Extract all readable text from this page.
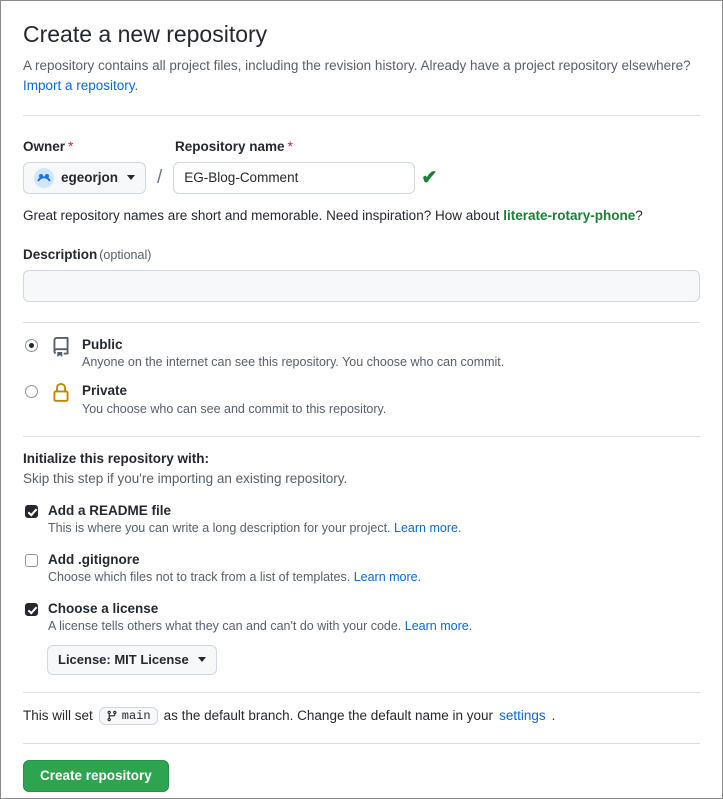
Create a new repository

A repository contains all project files, including the revision history. Already have a project repository elsewhere?
Import a repository.

Owner *	Repository name *
egeorjon /
EG-Blog-Comment	✔
Great repository names are short and memorable. Need inspiration? How about literate-rotary-phone?
Description (optional)
Public
Anyone on the internet can see this repository. You choose who can commit.
Private
You choose who can see and commit to this repository.
Initialize this repository with:
Skip this step if you're importing an existing repository.
Add a README file
This is where you can write a long description for your project. Learn more.
Add .gitignore
Choose which files not to track from a list of templates. Learn more.
Choose a license
A license tells others what they can and can't do with your code. Learn more.
License: MIT License
This will set main as the default branch. Change the default name in your settings .
Create repository
